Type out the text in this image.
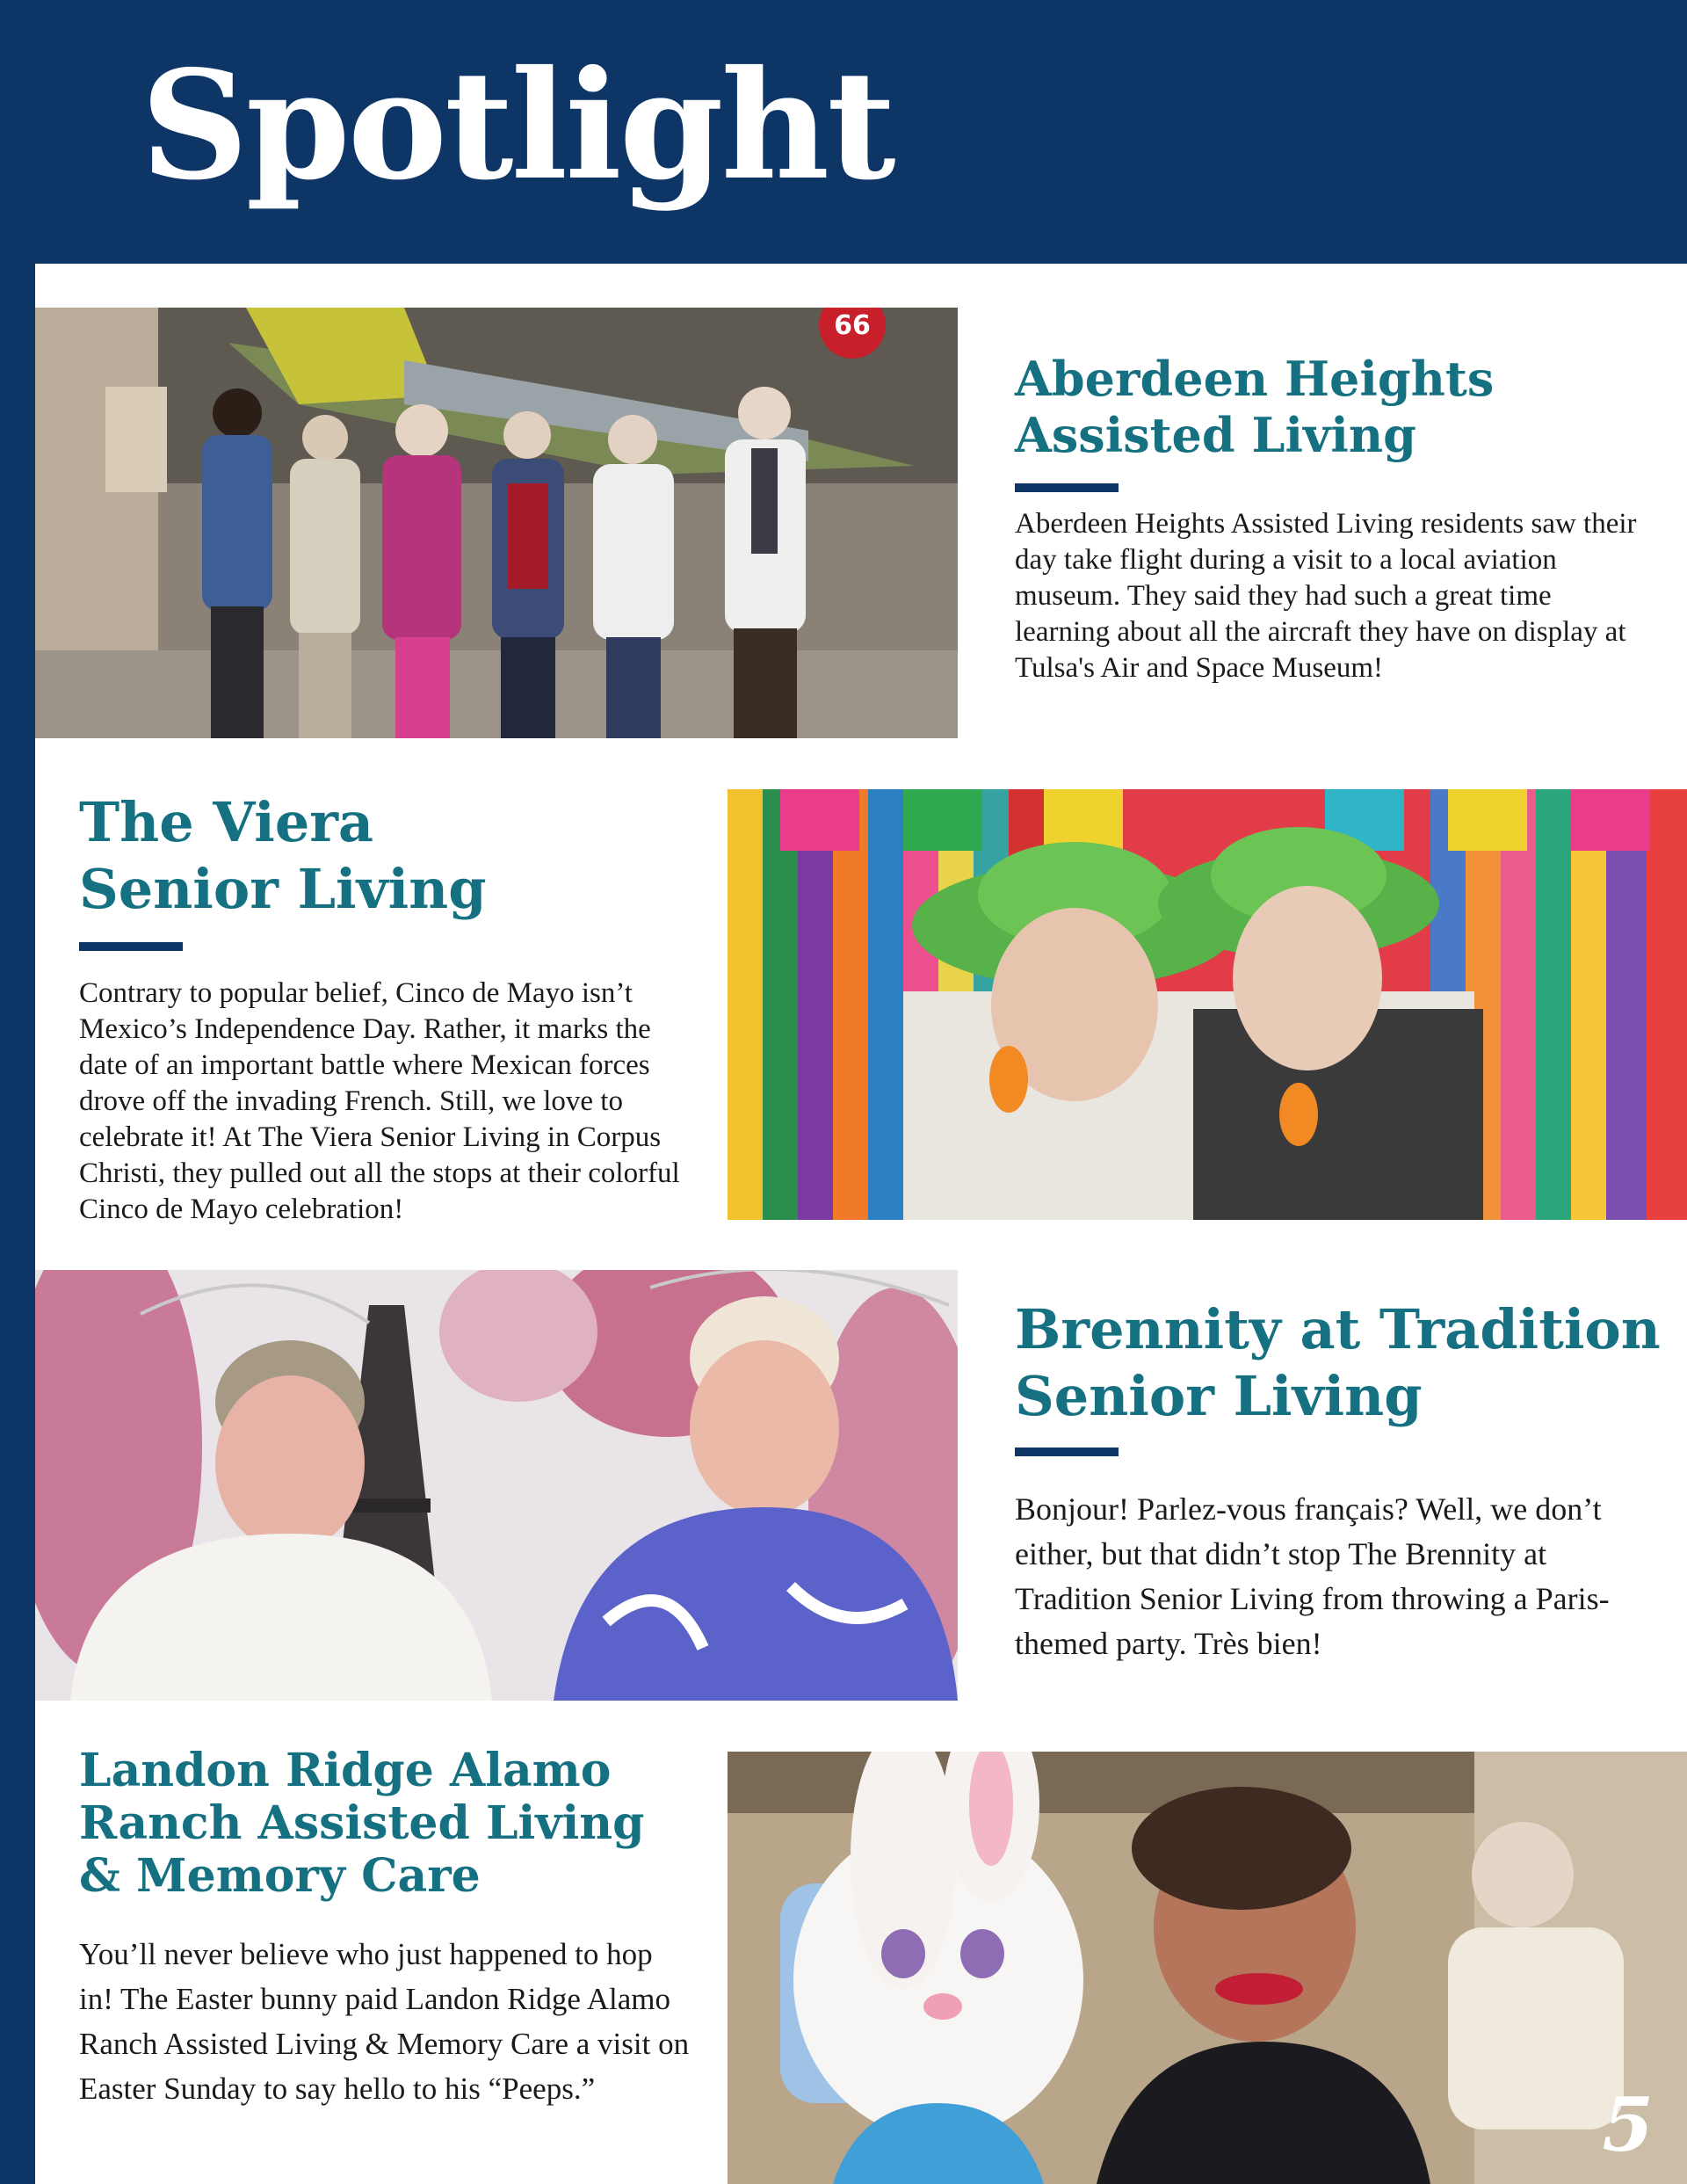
Spotlight
66
Aberdeen Heights
Assisted Living

Aberdeen Heights Assisted Living residents saw their day take flight during a visit to a local aviation museum. They said they had such a great time learning about all the aircraft they have on display at Tulsa's Air and Space Museum!

The Viera
Senior Living

Contrary to popular belief, Cinco de Mayo isn’t Mexico’s Independence Day. Rather, it marks the date of an important battle where Mexican forces drove off the invading French. Still, we love to celebrate it! At The Viera Senior Living in Corpus Christi, they pulled out all the stops at their colorful Cinco de Mayo celebration!

Brennity at Tradition
Senior Living

Bonjour! Parlez-vous français? Well, we don’t either, but that didn’t stop The Brennity at Tradition Senior Living from throwing a Paris-themed party. Très bien!

Landon Ridge Alamo
Ranch Assisted Living
& Memory Care

You’ll never believe who just happened to hop in! The Easter bunny paid Landon Ridge Alamo Ranch Assisted Living & Memory Care a visit on Easter Sunday to say hello to his “Peeps.”	5
